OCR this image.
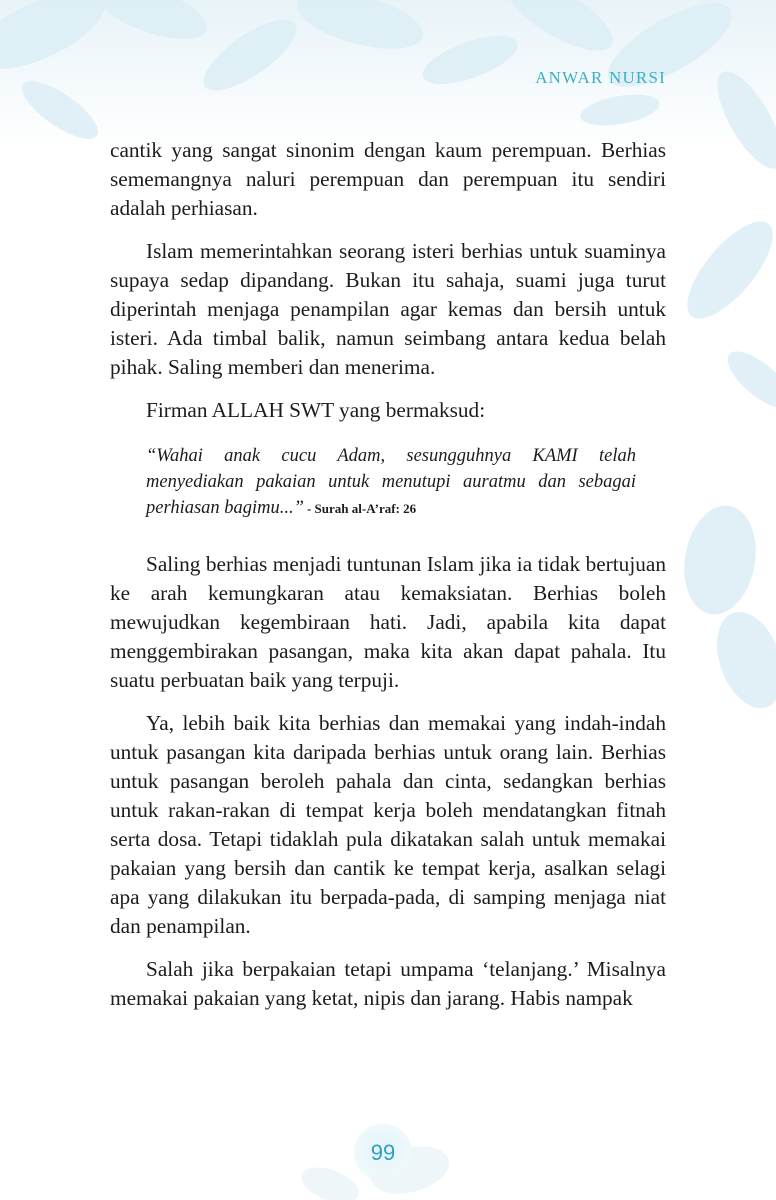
ANWAR NURSI

cantik yang sangat sinonim dengan kaum perempuan. Berhias sememangnya naluri perempuan dan perempuan itu sendiri adalah perhiasan.

Islam memerintahkan seorang isteri berhias untuk suaminya supaya sedap dipandang. Bukan itu sahaja, suami juga turut diperintah menjaga penampilan agar kemas dan bersih untuk isteri. Ada timbal balik, namun seimbang antara kedua belah pihak. Saling memberi dan menerima.

Firman ALLAH SWT yang bermaksud:

“Wahai anak cucu Adam, sesungguhnya KAMI telah menyediakan pakaian untuk menutupi auratmu dan sebagai perhiasan bagimu...” - Surah al-A’raf: 26

Saling berhias menjadi tuntunan Islam jika ia tidak bertujuan ke arah kemungkaran atau kemaksiatan. Berhias boleh mewujudkan kegembiraan hati. Jadi, apabila kita dapat menggembirakan pasangan, maka kita akan dapat pahala. Itu suatu perbuatan baik yang terpuji.

Ya, lebih baik kita berhias dan memakai yang indah-indah untuk pasangan kita daripada berhias untuk orang lain. Berhias untuk pasangan beroleh pahala dan cinta, sedangkan berhias untuk rakan-rakan di tempat kerja boleh mendatangkan fitnah serta dosa. Tetapi tidaklah pula dikatakan salah untuk memakai pakaian yang bersih dan cantik ke tempat kerja, asalkan selagi apa yang dilakukan itu berpada-pada, di samping menjaga niat dan penampilan.

Salah jika berpakaian tetapi umpama ‘telanjang.’ Misalnya memakai pakaian yang ketat, nipis dan jarang. Habis nampak

99
